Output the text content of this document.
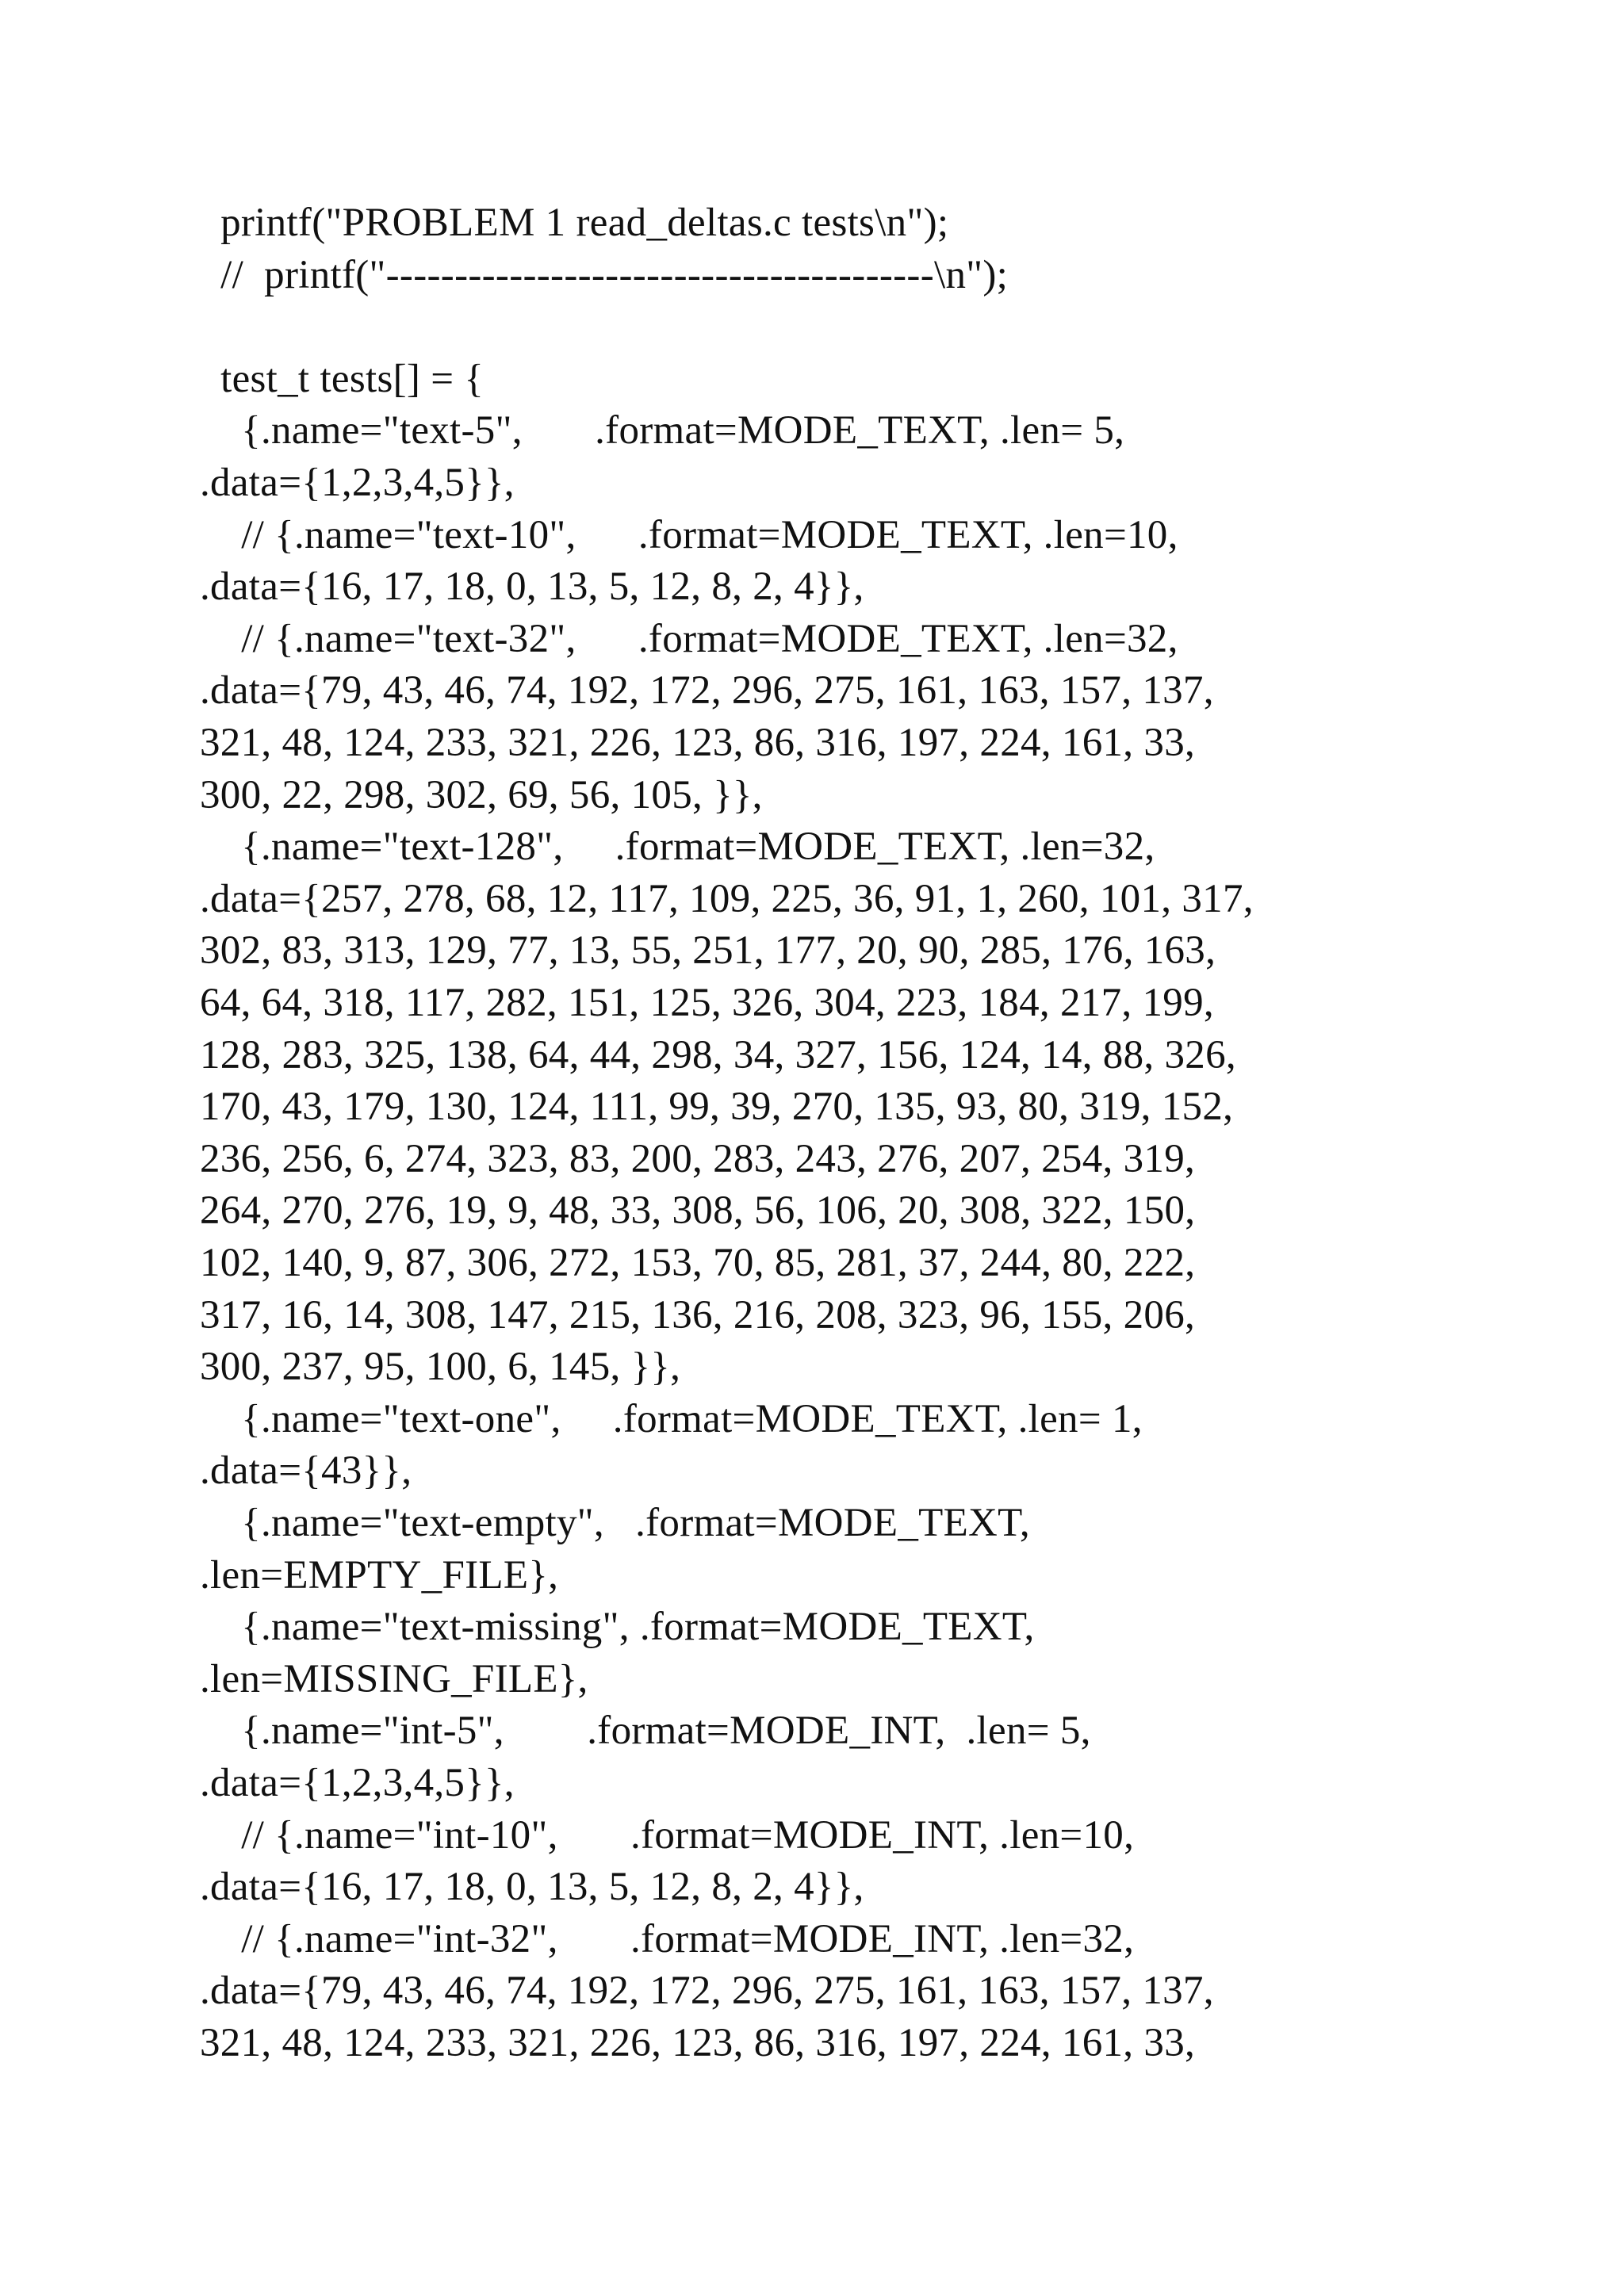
printf("PROBLEM 1 read_deltas.c tests\n");
//  printf("----------------------------------------\n");
test_t tests[] = {
{.name="text-5",       .format=MODE_TEXT, .len= 5,
.data={1,2,3,4,5}},
// {.name="text-10",      .format=MODE_TEXT, .len=10,
.data={16, 17, 18, 0, 13, 5, 12, 8, 2, 4}},
// {.name="text-32",      .format=MODE_TEXT, .len=32,
.data={79, 43, 46, 74, 192, 172, 296, 275, 161, 163, 157, 137,
321, 48, 124, 233, 321, 226, 123, 86, 316, 197, 224, 161, 33,
300, 22, 298, 302, 69, 56, 105, }},
{.name="text-128",     .format=MODE_TEXT, .len=32,
.data={257, 278, 68, 12, 117, 109, 225, 36, 91, 1, 260, 101, 317,
302, 83, 313, 129, 77, 13, 55, 251, 177, 20, 90, 285, 176, 163,
64, 64, 318, 117, 282, 151, 125, 326, 304, 223, 184, 217, 199,
128, 283, 325, 138, 64, 44, 298, 34, 327, 156, 124, 14, 88, 326,
170, 43, 179, 130, 124, 111, 99, 39, 270, 135, 93, 80, 319, 152,
236, 256, 6, 274, 323, 83, 200, 283, 243, 276, 207, 254, 319,
264, 270, 276, 19, 9, 48, 33, 308, 56, 106, 20, 308, 322, 150,
102, 140, 9, 87, 306, 272, 153, 70, 85, 281, 37, 244, 80, 222,
317, 16, 14, 308, 147, 215, 136, 216, 208, 323, 96, 155, 206,
300, 237, 95, 100, 6, 145, }},
{.name="text-one",     .format=MODE_TEXT, .len= 1,
.data={43}},
{.name="text-empty",   .format=MODE_TEXT,
.len=EMPTY_FILE},
{.name="text-missing", .format=MODE_TEXT,
.len=MISSING_FILE},
{.name="int-5",        .format=MODE_INT,  .len= 5,
.data={1,2,3,4,5}},
// {.name="int-10",       .format=MODE_INT, .len=10,
.data={16, 17, 18, 0, 13, 5, 12, 8, 2, 4}},
// {.name="int-32",       .format=MODE_INT, .len=32,
.data={79, 43, 46, 74, 192, 172, 296, 275, 161, 163, 157, 137,
321, 48, 124, 233, 321, 226, 123, 86, 316, 197, 224, 161, 33,
